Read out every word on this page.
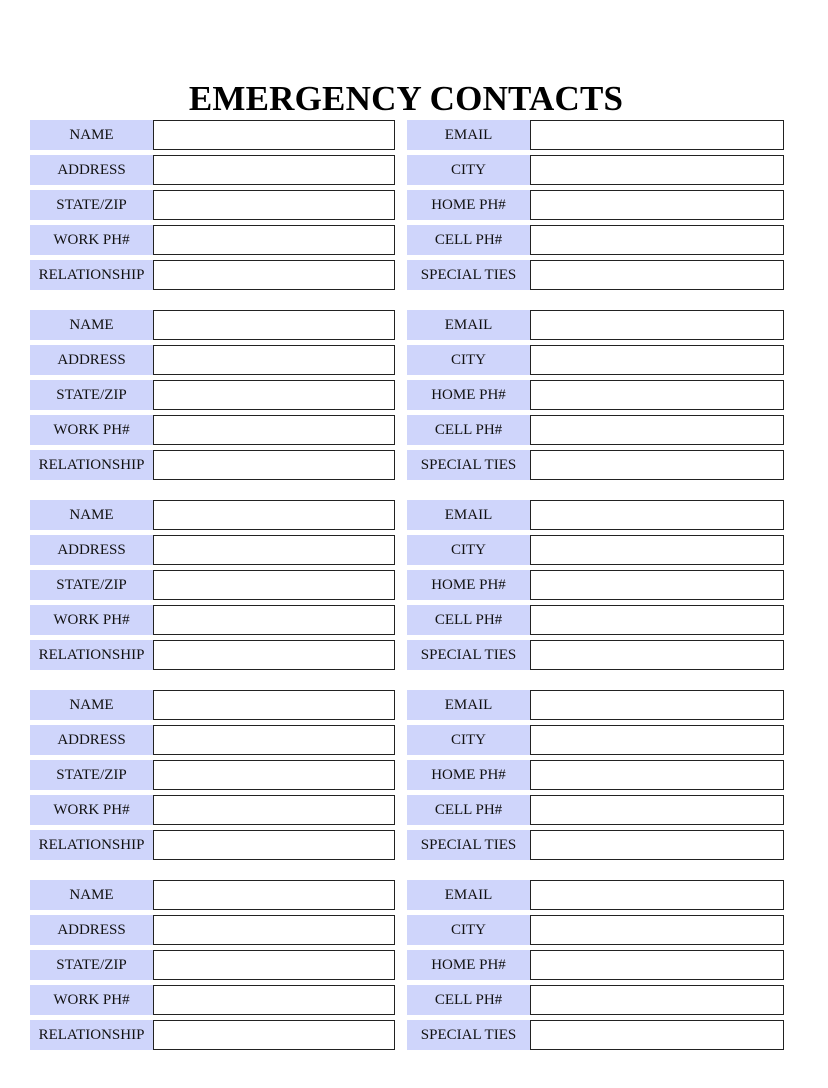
EMERGENCY CONTACTS
NAME	EMAIL
ADDRESS	CITY
STATE/ZIP	HOME PH#
WORK PH#	CELL PH#
RELATIONSHIP	SPECIAL TIES
NAME	EMAIL
ADDRESS	CITY
STATE/ZIP	HOME PH#
WORK PH#	CELL PH#
RELATIONSHIP	SPECIAL TIES
NAME	EMAIL
ADDRESS	CITY
STATE/ZIP	HOME PH#
WORK PH#	CELL PH#
RELATIONSHIP	SPECIAL TIES
NAME	EMAIL
ADDRESS	CITY
STATE/ZIP	HOME PH#
WORK PH#	CELL PH#
RELATIONSHIP	SPECIAL TIES
NAME	EMAIL
ADDRESS	CITY
STATE/ZIP	HOME PH#
WORK PH#	CELL PH#
RELATIONSHIP	SPECIAL TIES
